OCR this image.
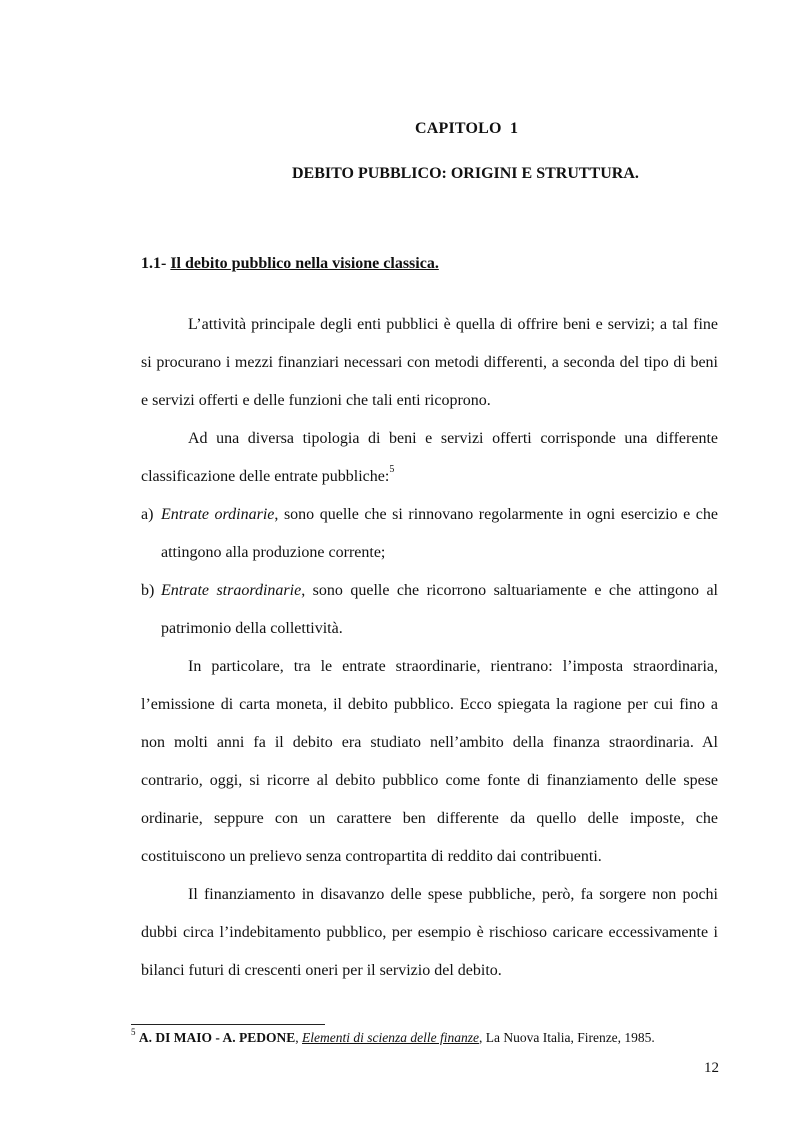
CAPITOLO  1
DEBITO PUBBLICO: ORIGINI E STRUTTURA.
1.1- Il debito pubblico nella visione classica.

L’attività principale degli enti pubblici è quella di offrire beni e servizi; a tal fine si procurano i mezzi finanziari necessari con metodi differenti, a seconda del tipo di beni e servizi offerti e delle funzioni che tali enti ricoprono.

Ad una diversa tipologia di beni e servizi offerti corrisponde una differente classificazione delle entrate pubbliche:$^5$

a) Entrate ordinarie, sono quelle che si rinnovano regolarmente in ogni esercizio e che attingono alla produzione corrente;
b) Entrate straordinarie, sono quelle che ricorrono saltuariamente e che attingono al patrimonio della collettività.

In particolare, tra le entrate straordinarie, rientrano: l’imposta straordinaria, l’emissione di carta moneta, il debito pubblico. Ecco spiegata la ragione per cui fino a non molti anni fa il debito era studiato nell’ambito della finanza straordinaria. Al contrario, oggi, si ricorre al debito pubblico come fonte di finanziamento delle spese ordinarie, seppure con un carattere ben differente da quello delle imposte, che costituiscono un prelievo senza contropartita di reddito dai contribuenti.

Il finanziamento in disavanzo delle spese pubbliche, però, fa sorgere non pochi dubbi circa l’indebitamento pubblico, per esempio è rischioso caricare eccessivamente i bilanci futuri di crescenti oneri per il servizio del debito.

$^5$ A. DI MAIO - A. PEDONE, Elementi di scienza delle finanze, La Nuova Italia, Firenze, 1985.
12
